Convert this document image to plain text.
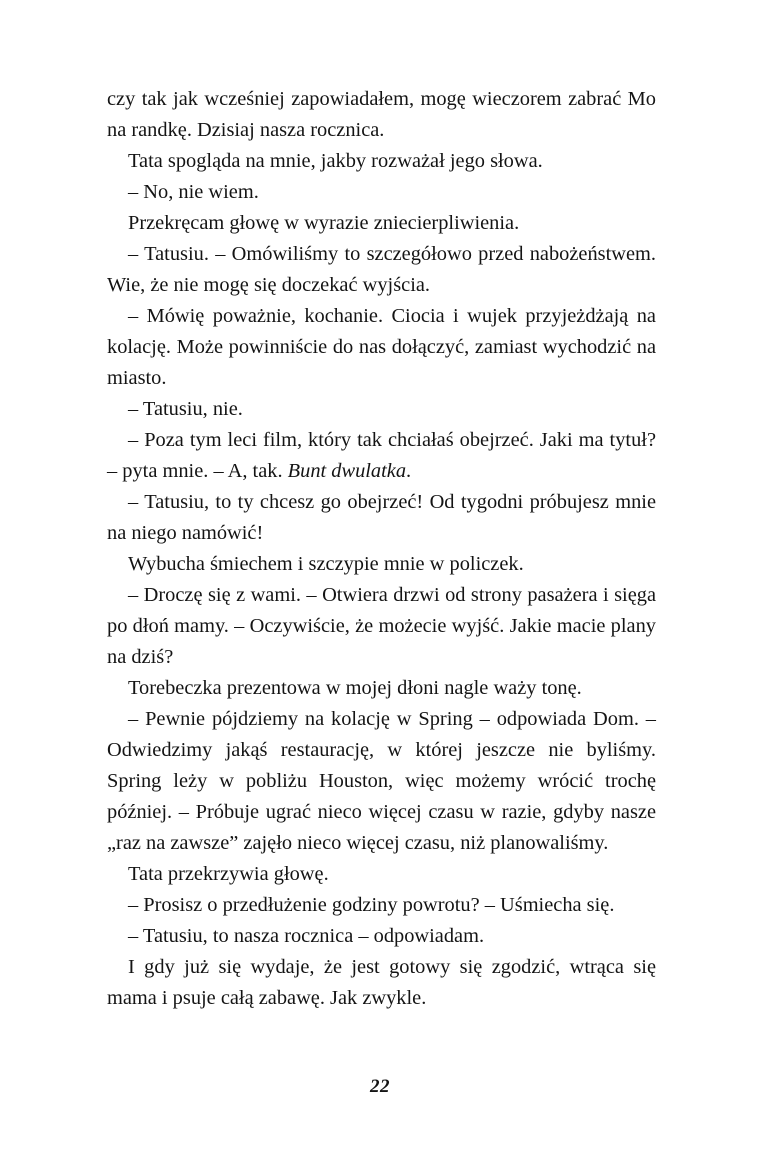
czy tak jak wcześniej zapowiadałem, mogę wieczorem zabrać Mo na randkę. Dzisiaj nasza rocznica.

Tata spogląda na mnie, jakby rozważał jego słowa.

– No, nie wiem.

Przekręcam głowę w wyrazie zniecierpliwienia.

– Tatusiu. – Omówiliśmy to szczegółowo przed nabożeństwem. Wie, że nie mogę się doczekać wyjścia.

– Mówię poważnie, kochanie. Ciocia i wujek przyjeżdżają na kolację. Może powinniście do nas dołączyć, zamiast wychodzić na miasto.

– Tatusiu, nie.

– Poza tym leci film, który tak chciałaś obejrzeć. Jaki ma tytuł? – pyta mnie. – A, tak. Bunt dwulatka.

– Tatusiu, to ty chcesz go obejrzeć! Od tygodni próbujesz mnie na niego namówić!

Wybucha śmiechem i szczypie mnie w policzek.

– Droczę się z wami. – Otwiera drzwi od strony pasażera i sięga po dłoń mamy. – Oczywiście, że możecie wyjść. Jakie macie plany na dziś?

Torebeczka prezentowa w mojej dłoni nagle waży tonę.

– Pewnie pójdziemy na kolację w Spring – odpowiada Dom. – Odwiedzimy jakąś restaurację, w której jeszcze nie byliśmy. Spring leży w pobliżu Houston, więc możemy wrócić trochę później. – Próbuje ugrać nieco więcej czasu w razie, gdyby nasze „raz na zawsze” zajęło nieco więcej czasu, niż planowaliśmy.

Tata przekrzywia głowę.

– Prosisz o przedłużenie godziny powrotu? – Uśmiecha się.

– Tatusiu, to nasza rocznica – odpowiadam.

I gdy już się wydaje, że jest gotowy się zgodzić, wtrąca się mama i psuje całą zabawę. Jak zwykle.

22
